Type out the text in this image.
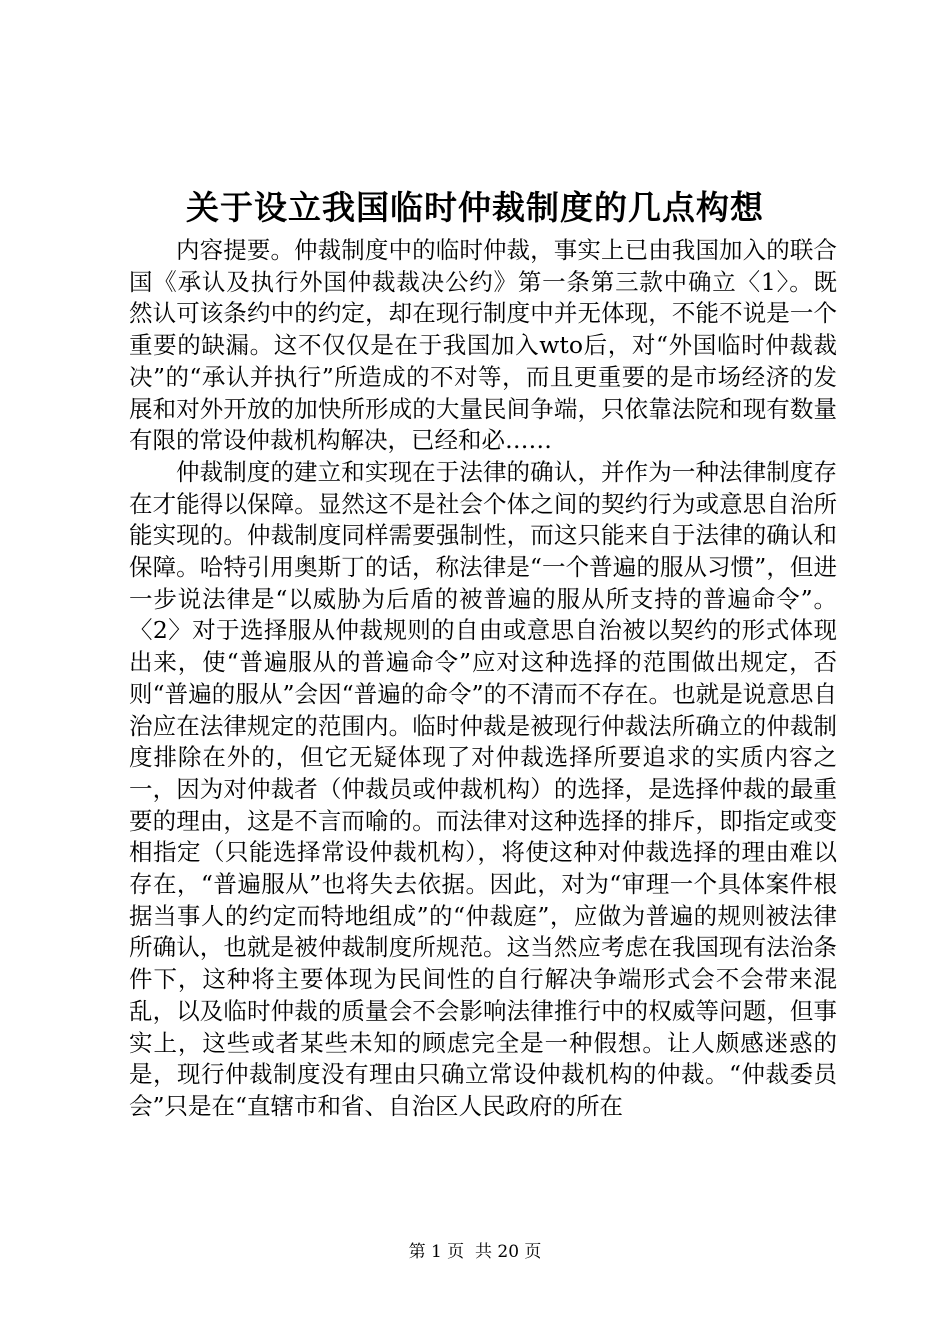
关于设立我国临时仲裁制度的几点构想

内容提要。仲裁制度中的临时仲裁，事实上已由我国加入的联合国《承认及执行外国仲裁裁决公约》第一条第三款中确立〈1〉。既然认可该条约中的约定，却在现行制度中并无体现，不能不说是一个重要的缺漏。这不仅仅是在于我国加入wto后，对“外国临时仲裁裁决”的“承认并执行”所造成的不对等，而且更重要的是市场经济的发展和对外开放的加快所形成的大量民间争端，只依靠法院和现有数量有限的常设仲裁机构解决，已经和必……

仲裁制度的建立和实现在于法律的确认，并作为一种法律制度存在才能得以保障。显然这不是社会个体之间的契约行为或意思自治所能实现的。仲裁制度同样需要强制性，而这只能来自于法律的确认和保障。哈特引用奥斯丁的话，称法律是“一个普遍的服从习惯”，但进一步说法律是“以威胁为后盾的被普遍的服从所支持的普遍命令”。〈2〉对于选择服从仲裁规则的自由或意思自治被以契约的形式体现出来，使“普遍服从的普遍命令”应对这种选择的范围做出规定，否则“普遍的服从”会因“普遍的命令”的不清而不存在。也就是说意思自治应在法律规定的范围内。临时仲裁是被现行仲裁法所确立的仲裁制度排除在外的，但它无疑体现了对仲裁选择所要追求的实质内容之一，因为对仲裁者（仲裁员或仲裁机构）的选择，是选择仲裁的最重要的理由，这是不言而喻的。而法律对这种选择的排斥，即指定或变相指定（只能选择常设仲裁机构），将使这种对仲裁选择的理由难以存在，“普遍服从”也将失去依据。因此，对为“审理一个具体案件根据当事人的约定而特地组成”的“仲裁庭”，应做为普遍的规则被法律所确认，也就是被仲裁制度所规范。这当然应考虑在我国现有法治条件下，这种将主要体现为民间性的自行解决争端形式会不会带来混乱，以及临时仲裁的质量会不会影响法律推行中的权威等问题，但事实上，这些或者某些未知的顾虑完全是一种假想。让人颇感迷惑的是，现行仲裁制度没有理由只确立常设仲裁机构的仲裁。“仲裁委员会”只是在“直辖市和省、自治区人民政府的所在

第 1 页  共 20 页
